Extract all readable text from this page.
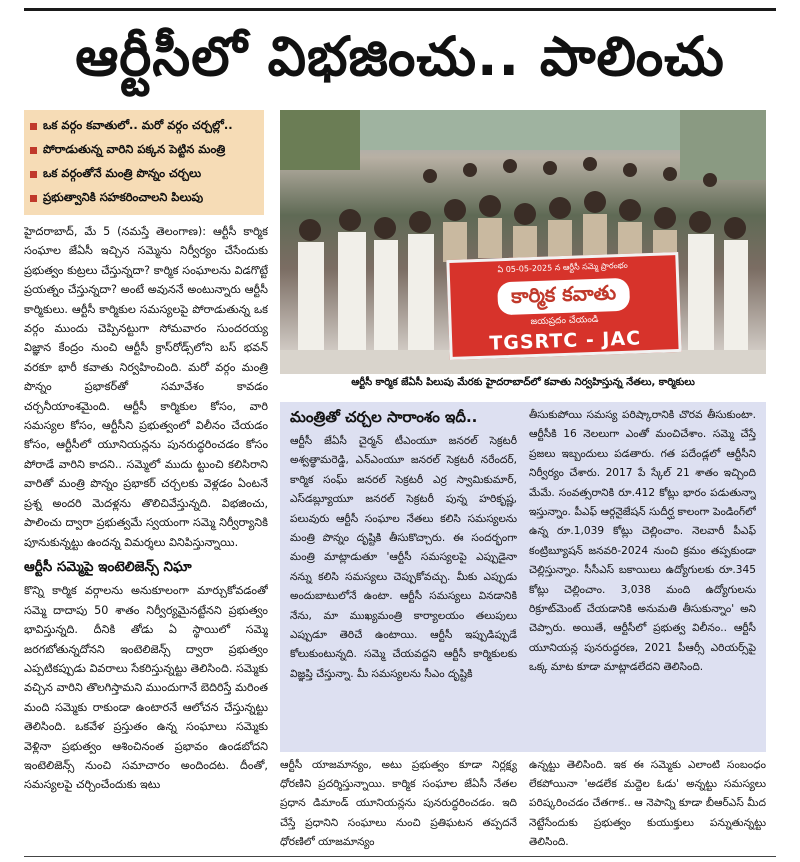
ఆర్టీసీలో విభజించు.. పాలించు
ఒక వర్గం కవాతులో.. మరో వర్గం చర్చల్లో..
పోరాడుతున్న వారిని పక్కన పెట్టిన మంత్రి
ఒక వర్గంతోనే మంత్రి పొన్నం చర్చలు
ప్రభుత్వానికి సహకరించాలని పిలుపు
ఏ 05-05-2025 న ఆర్టీసీ సమ్మె ప్రారంభం
కార్మిక కవాతు
జయప్రదం చేయండి
TGSRTC - JAC
ఆర్టీసీ కార్మిక జేఏసీ పిలుపు మేరకు హైదరాబాద్‌లో కవాతు నిర్వహిస్తున్న నేతలు, కార్మికులు

హైదరాబాద్, మే 5 (నమస్తే తెలంగాణ): ఆర్టీసీ కార్మిక సంఘాల జేఏసీ ఇచ్చిన సమ్మెను నిర్వీర్యం చేసేందుకు ప్రభుత్వం కుట్రలు చేస్తున్నదా? కార్మిక సంఘాలను విడగొట్టే ప్రయత్నం చేస్తున్నదా? అంటే అవుననే అంటున్నారు ఆర్టీసీ కార్మికులు. ఆర్టీసీ కార్మికుల సమస్యలపై పోరాడుతున్న ఒక వర్గం ముందు చెప్పినట్టుగా సోమవారం సుందరయ్య విజ్ఞాన కేంద్రం నుంచి ఆర్టీసీ క్రాస్‌రోడ్స్‌లోని బస్ భవన్ వరకూ భారీ కవాతు నిర్వహించింది. మరో వర్గం మంత్రి పొన్నం ప్రభాకర్‌తో సమావేశం కావడం చర్చనీయాంశమైంది. ఆర్టీసీ కార్మికుల కోసం, వారి సమస్యల కోసం, ఆర్టీసీని ప్రభుత్వంలో విలీనం చేయడం కోసం, ఆర్టీసీలో యూనియన్లను పునరుద్ధరించడం కోసం పోరాడే వారిని కాదని.. సమ్మెలో ముదు ట్టుంచి కలిసిరాని వారితో మంత్రి పొన్నం ప్రభాకర్ చర్చలకు వెళ్లడం ఏంటనే ప్రశ్న అందరి మెదళ్లను తొలిచివేస్తున్నది. విభజించు, పాలించు ద్వారా ప్రభుత్వమే స్వయంగా సమ్మె నిర్వీర్యానికి పూనుకున్నట్టు ఉందన్న విమర్శలు వినిపిస్తున్నాయి.

ఆర్టీసీ సమ్మెపై ఇంటెలిజెన్స్ నిఘా

కొన్ని కార్మిక వర్గాలను అనుకూలంగా మార్చుకోవడంతో సమ్మె దాదాపు 50 శాతం నిర్వీర్యమైనట్టేనని ప్రభుత్వం భావిస్తున్నది. దీనికి తోడు ఏ స్థాయిలో సమ్మె జరగబోతున్నదోనని ఇంటెలిజెన్స్ ద్వారా ప్రభుత్వం ఎప్పటికప్పుడు వివరాలు సేకరిస్తున్నట్టు తెలిసింది. సమ్మెకు వచ్చిన వారిని తొలగిస్తామని ముందుగానే బెదిరిస్తే మరింత మంది సమ్మెకు రాకుండా ఉంటారనే ఆలోచన చేస్తున్నట్టు తెలిసింది. ఒకవేళ ప్రస్తుతం ఉన్న సంఘాలు సమ్మెకు వెళ్లినా ప్రభుత్వం ఆశించినంత ప్రభావం ఉండబోదని ఇంటెలిజెన్స్ నుంచి సమాచారం అందిందట. దీంతో, సమస్యలపై చర్చించేందుకు ఇటు

మంత్రితో చర్చల సారాంశం ఇదీ..

ఆర్టీసీ జేఏసీ చైర్మన్ టీఎంయూ జనరల్ సెక్రటరీ అశ్వత్థామరెడ్డి, ఎన్ఎంయూ జనరల్ సెక్రటరీ నరేందర్, కార్మిక సంఘ్ జనరల్ సెక్రటరీ ఎర్ర స్వామికుమార్, ఎస్‌డబ్ల్యూయూ జనరల్ సెక్రటరీ పున్న హరికృష్ణ, పలువురు ఆర్టీసీ సంఘాల నేతలు కలిసి సమస్యలను మంత్రి పొన్నం దృష్టికి తీసుకొచ్చారు. ఈ సందర్భంగా మంత్రి మాట్లాడుతూ 'ఆర్టీసీ సమస్యలపై ఎప్పుడైనా నన్ను కలిసి సమస్యలు చెప్పుకోవచ్చు. మీకు ఎప్పుడు అందుబాటులోనే ఉంటా. ఆర్టీసీ సమస్యలు వినడానికి నేను, మా ముఖ్యమంత్రి కార్యాలయం తలుపులు ఎప్పుడూ తెరిచే ఉంటాయి. ఆర్టీసీ ఇప్పుడిప్పుడే కోలుకుంటున్నది. సమ్మె చేయవద్దని ఆర్టీసీ కార్మికులకు విజ్ఞప్తి చేస్తున్నా. మీ సమస్యలను సీఎం దృష్టికి

తీసుకుపోయి సమస్య పరిష్కారానికి చొరవ తీసుకుంటా. ఆర్టీసీకి 16 నెలలుగా ఎంతో మంచిచేశాం. సమ్మె చేస్తే ప్రజలు ఇబ్బందులు పడతారు. గత పదేండ్లలో ఆర్టీసీని నిర్వీర్యం చేశారు. 2017 పే స్కేల్ 21 శాతం ఇచ్చింది మేమే. సంవత్సరానికి రూ.412 కోట్లు భారం పడుతున్నా ఇస్తున్నాం. పీఎఫ్ ఆర్గనైజేషన్ సుదీర్ఘ కాలంగా పెండింగ్‌లో ఉన్న రూ.1,039 కోట్లు చెల్లించాం. నెలవారీ పీఎఫ్ కంట్రిబ్యూషన్ జనవరి-2024 నుంచి క్రమం తప్పకుండా చెల్లిస్తున్నాం. సీసీఎస్ బకాయిలు ఉద్యోగులకు రూ.345 కోట్లు చెల్లించాం. 3,038 మంది ఉద్యోగులను రిక్రూట్‌మెంట్ చేయడానికి అనుమతి తీసుకున్నాం' అని చెప్పారు. అయితే, ఆర్టీసీలో ప్రభుత్వ విలీనం.. ఆర్టీసీ యూనియన్ల పునరుద్ధరణ, 2021 పీఆర్సీ ఎరియర్స్‌పై ఒక్క మాట కూడా మాట్లాడలేదని తెలిసింది.

ఆర్టీసీ యాజమాన్యం, అటు ప్రభుత్వం కూడా నిర్లక్ష్య ధోరణిని ప్రదర్శిస్తున్నాయి. కార్మిక సంఘాల జేఏసీ నేతల ప్రధాన డిమాండ్ యూనియన్లను పునరుద్ధరించడం. ఇది చేస్తే ప్రధానిని సంఘాలు నుంచి ప్రతిఘటన తప్పదనే ధోరణిలో యాజమాన్యం

ఉన్నట్టు తెలిసింది. ఇక ఈ సమ్మెకు ఎలాంటి సంబంధం లేకపోయినా 'అడలేక మద్దెల ఓడు' అన్నట్టు సమస్యలు పరిష్కరించడం చేతగాక.. ఆ నెపాన్ని కూడా బీఆర్ఎస్ మీద నెట్టేసేందుకు ప్రభుత్వం కుయుక్తులు పన్నుతున్నట్టు తెలిసింది.
